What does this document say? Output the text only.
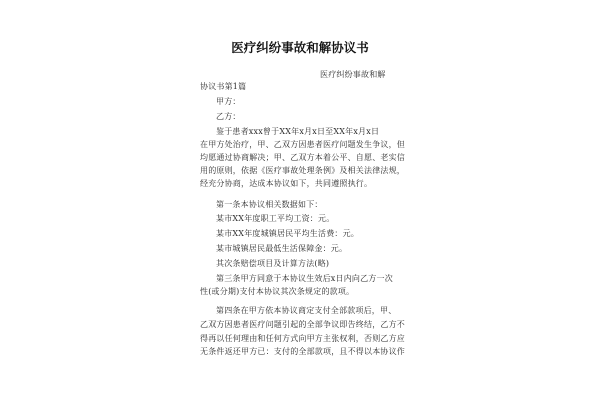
医疗纠纷事故和解协议书
医疗纠纷事故和解
协议书第1篇
甲方：
乙方：
鉴于患者xxx曾于XX年x月x日至XX年x月x日
在甲方处治疗，甲、乙双方因患者医疗问题发生争议，但
均愿通过协商解决；甲、乙双方本着公平、自愿、老实信
用的原则，依据《医疗事故处理条例》及相关法律法规，
经充分协商，达成本协议如下，共同遵照执行。
第一条本协议相关数据如下：
某市XX年度职工平均工资：元。
某市XX年度城镇居民平均生活费：元。
某市城镇居民最低生活保障金：元。
其次条赔偿项目及计算方法(略)
第三条甲方同意于本协议生效后x日内向乙方一次
性(或分期)支付本协议其次条规定的款项。
第四条在甲方依本协议商定支付全部款项后，甲、
乙双方因患者医疗问题引起的全部争议即告终结，乙方不
得再以任何理由和任何方式向甲方主张权利，否则乙方应
无条件返还甲方已：支付的全部款项，且不得以本协议作
